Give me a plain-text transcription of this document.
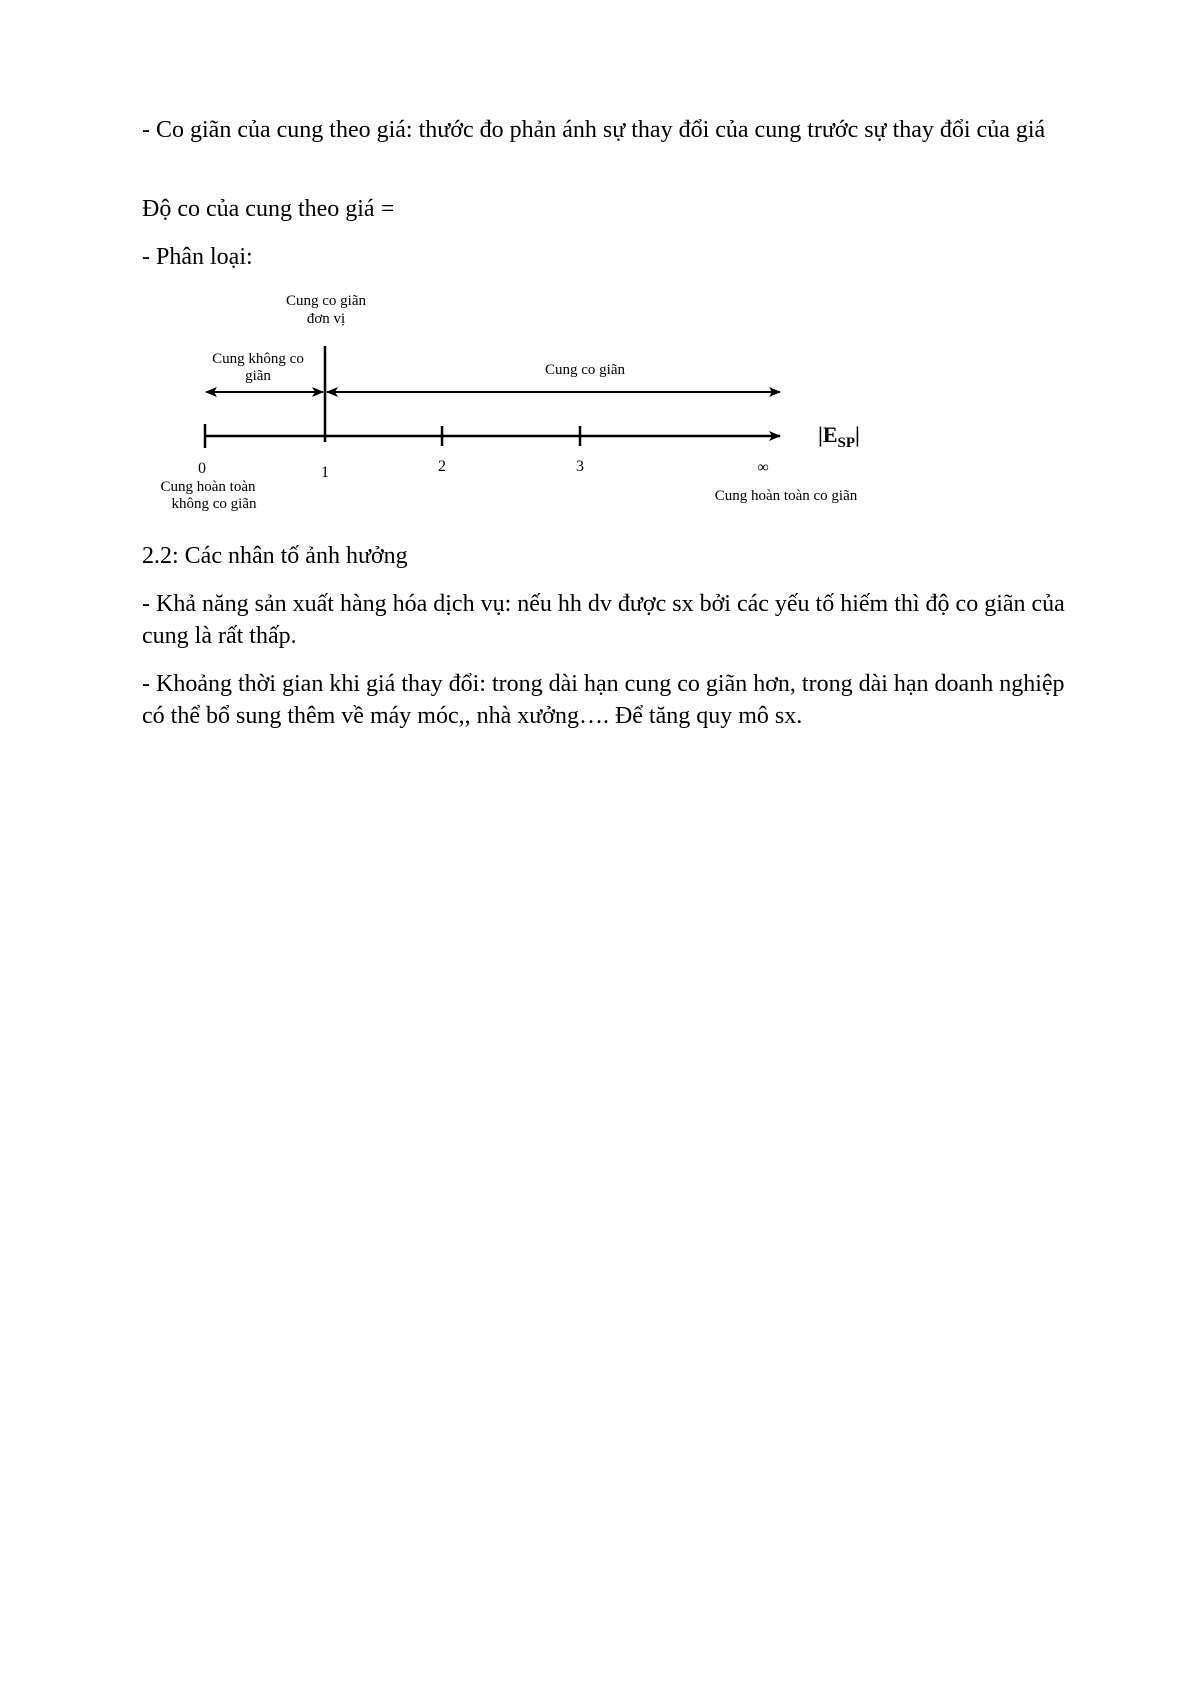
- Co giãn của cung theo giá: thước đo phản ánh sự thay đổi của cung trước sự thay đổi của giá

Độ co của cung theo giá =

- Phân loại:

Cung co giãn
đơn vị
Cung không co
giãn	Cung co giãn
$|E_{SP}|$
0	1	2	3	∞
Cung hoàn toàn
không co giãn	Cung hoàn toàn co giãn

2.2: Các nhân tố ảnh hưởng

- Khả năng sản xuất hàng hóa dịch vụ: nếu hh dv được sx bởi các yếu tố hiếm thì độ co giãn của cung là rất thấp.

- Khoảng thời gian khi giá thay đổi: trong dài hạn cung co giãn hơn, trong dài hạn doanh nghiệp có thể bổ sung thêm về máy móc,, nhà xưởng…. Để tăng quy mô sx.
